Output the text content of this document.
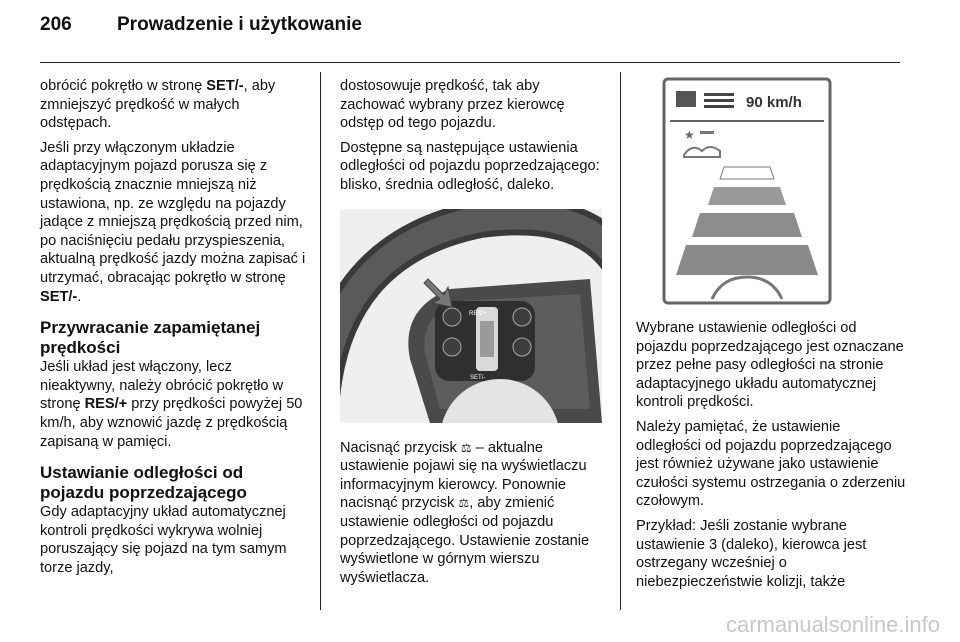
206 Prowadzenie i użytkowanie

obrócić pokrętło w stronę SET/-, aby zmniejszyć prędkość w małych odstępach.

Jeśli przy włączonym układzie adaptacyjnym pojazd porusza się z prędkością znacznie mniejszą niż ustawiona, np. ze względu na pojazdy jadące z mniejszą prędkością przed nim, po naciśnięciu pedału przyspieszenia, aktualną prędkość jazdy można zapisać i utrzymać, obracając pokrętło w stronę SET/-.

Przywracanie zapamiętanej prędkości

Jeśli układ jest włączony, lecz nieaktywny, należy obrócić pokrętło w stronę RES/+ przy prędkości powyżej 50 km/h, aby wznowić jazdę z prędkością zapisaną w pamięci.

Ustawianie odległości od pojazdu poprzedzającego

Gdy adaptacyjny układ automatycznej kontroli prędkości wykrywa wolniej poruszający się pojazd na tym samym torze jazdy,

dostosowuje prędkość, tak aby zachować wybrany przez kierowcę odstęp od tego pojazdu.

Dostępne są następujące ustawienia odległości od pojazdu poprzedzającego: blisko, średnia odległość, daleko.

RES/+
SET/-

Nacisnąć przycisk ⚖ – aktualne ustawienie pojawi się na wyświetlaczu informacyjnym kierowcy. Ponownie nacisnąć przycisk ⚖, aby zmienić ustawienie odległości od pojazdu poprzedzającego. Ustawienie zostanie wyświetlone w górnym wierszu wyświetlacza.

90 km/h
★

Wybrane ustawienie odległości od pojazdu poprzedzającego jest oznaczane przez pełne pasy odległości na stronie adaptacyjnego układu automatycznej kontroli prędkości.

Należy pamiętać, że ustawienie odległości od pojazdu poprzedzającego jest również używane jako ustawienie czułości systemu ostrzegania o zderzeniu czołowym.

Przykład: Jeśli zostanie wybrane ustawienie 3 (daleko), kierowca jest ostrzegany wcześniej o niebezpieczeństwie kolizji, także

carmanualsonline.info
